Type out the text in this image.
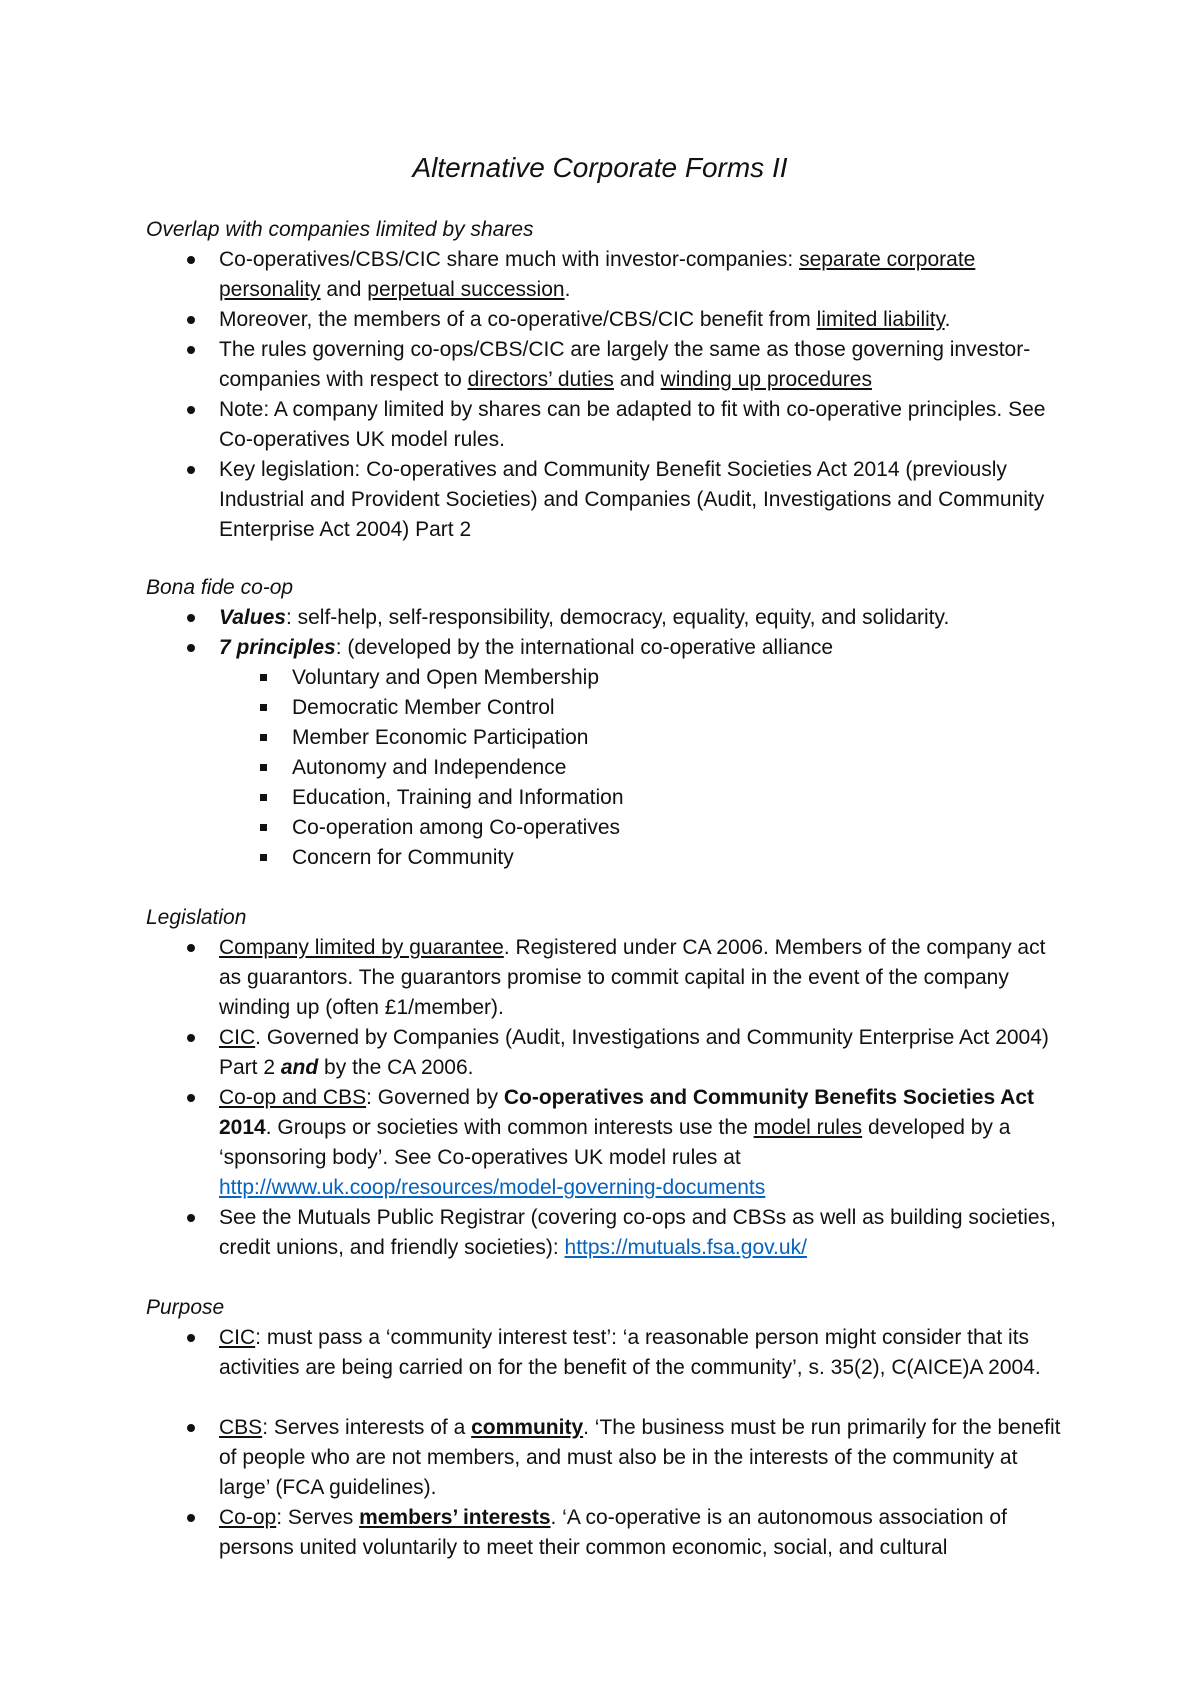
Alternative Corporate Forms II
Overlap with companies limited by shares

Co-operatives/CBS/CIC share much with investor-companies: separate corporate personality and perpetual succession.

Moreover, the members of a co-operative/CBS/CIC benefit from limited liability.

The rules governing co-ops/CBS/CIC are largely the same as those governing investor-companies with respect to directors’ duties and winding up procedures

Note: A company limited by shares can be adapted to fit with co-operative principles. See Co-operatives UK model rules.

Key legislation: Co-operatives and Community Benefit Societies Act 2014 (previously Industrial and Provident Societies) and Companies (Audit, Investigations and Community Enterprise Act 2004) Part 2

Bona fide co-op

Values: self-help, self-responsibility, democracy, equality, equity, and solidarity.

7 principles: (developed by the international co-operative alliance

Voluntary and Open Membership

Democratic Member Control

Member Economic Participation

Autonomy and Independence

Education, Training and Information

Co-operation among Co-operatives

Concern for Community

Legislation

Company limited by guarantee. Registered under CA 2006. Members of the company act as guarantors. The guarantors promise to commit capital in the event of the company winding up (often £1/member).

CIC. Governed by Companies (Audit, Investigations and Community Enterprise Act 2004) Part 2 and by the CA 2006.

Co-op and CBS: Governed by Co-operatives and Community Benefits Societies Act 2014. Groups or societies with common interests use the model rules developed by a ‘sponsoring body’. See Co-operatives UK model rules at http://www.uk.coop/resources/model-governing-documents

See the Mutuals Public Registrar (covering co-ops and CBSs as well as building societies, credit unions, and friendly societies): https://mutuals.fsa.gov.uk/

Purpose

CIC: must pass a ‘community interest test’: ‘a reasonable person might consider that its activities are being carried on for the benefit of the community’, s. 35(2), C(AICE)A 2004.

CBS: Serves interests of a community. ‘The business must be run primarily for the benefit of people who are not members, and must also be in the interests of the community at large’ (FCA guidelines).

Co-op: Serves members’ interests. ‘A co-operative is an autonomous association of persons united voluntarily to meet their common economic, social, and cultural
